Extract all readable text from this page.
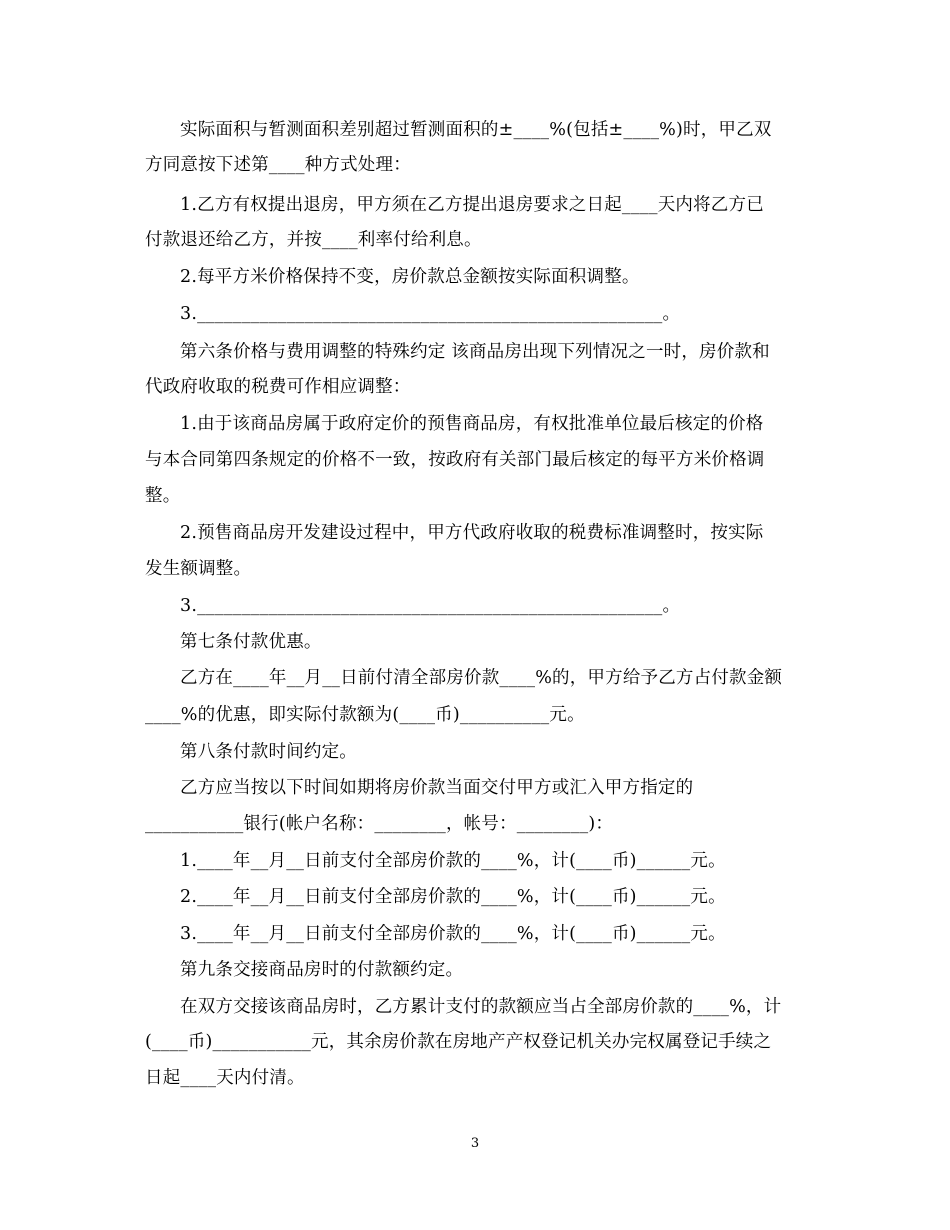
实际面积与暂测面积差别超过暂测面积的±____%(包括±____%)时，甲乙双
方同意按下述第____种方式处理：
1.乙方有权提出退房，甲方须在乙方提出退房要求之日起____天内将乙方已
付款退还给乙方，并按____利率付给利息。
2.每平方米价格保持不变，房价款总金额按实际面积调整。
3.____________________________________________________。
第六条价格与费用调整的特殊约定 该商品房出现下列情况之一时，房价款和
代政府收取的税费可作相应调整：
1.由于该商品房属于政府定价的预售商品房，有权批准单位最后核定的价格
与本合同第四条规定的价格不一致，按政府有关部门最后核定的每平方米价格调
整。
2.预售商品房开发建设过程中，甲方代政府收取的税费标准调整时，按实际
发生额调整。
3.____________________________________________________。
第七条付款优惠。
乙方在____年__月__日前付清全部房价款____%的，甲方给予乙方占付款金额
____%的优惠，即实际付款额为(____币)__________元。
第八条付款时间约定。
乙方应当按以下时间如期将房价款当面交付甲方或汇入甲方指定的
___________银行(帐户名称：________，帐号：________)：
1.____年__月__日前支付全部房价款的____%，计(____币)______元。
2.____年__月__日前支付全部房价款的____%，计(____币)______元。
3.____年__月__日前支付全部房价款的____%，计(____币)______元。
第九条交接商品房时的付款额约定。
在双方交接该商品房时，乙方累计支付的款额应当占全部房价款的____%，计
(____币)___________元，其余房价款在房地产产权登记机关办完权属登记手续之
日起____天内付清。
3
